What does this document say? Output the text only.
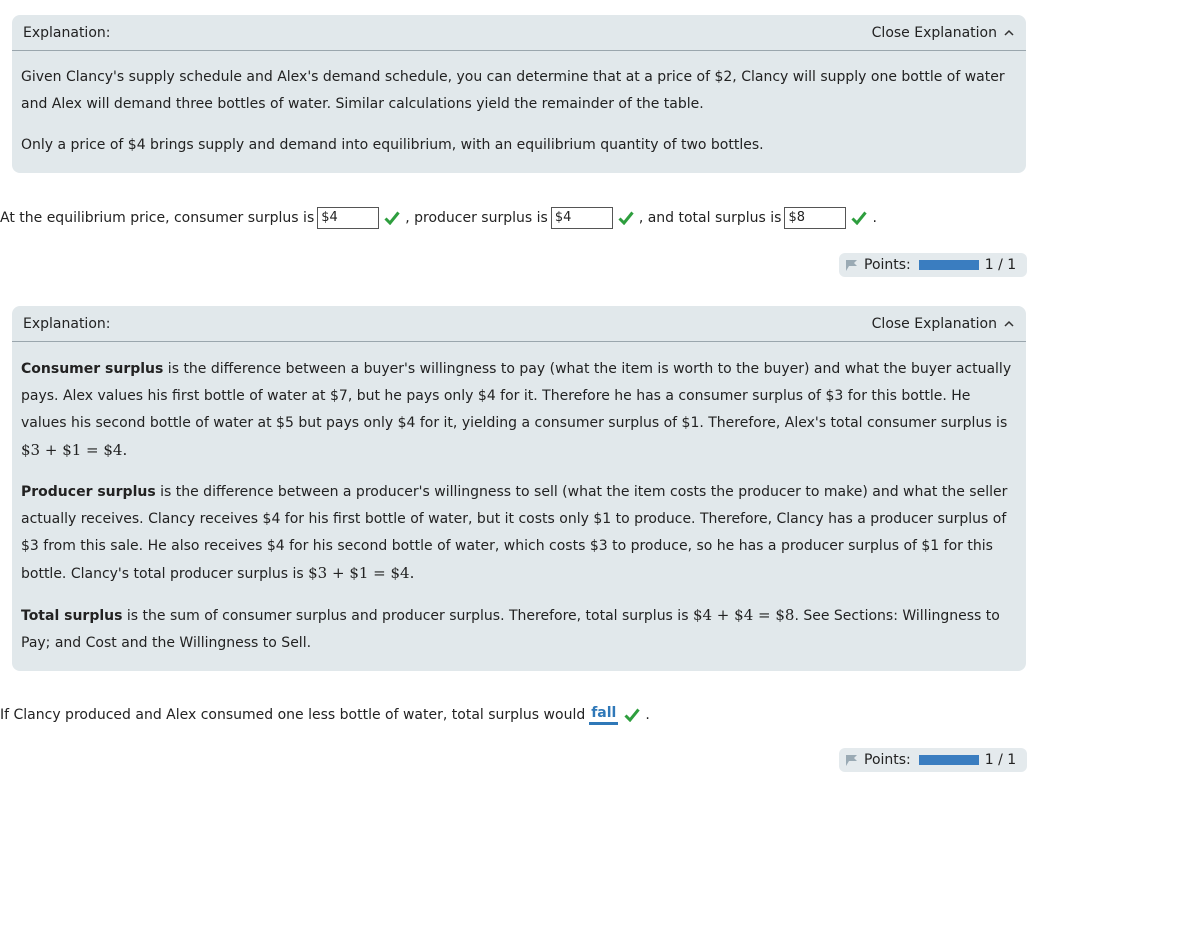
Explanation:	Close Explanation

Given Clancy's supply schedule and Alex's demand schedule, you can determine that at a price of $2, Clancy will supply one bottle of water and Alex will demand three bottles of water. Similar calculations yield the remainder of the table.

Only a price of $4 brings supply and demand into equilibrium, with an equilibrium quantity of two bottles.

At the equilibrium price, consumer surplus is $4	, producer surplus is $4	, and total surplus is $8	.
Points:	1 / 1
Explanation:	Close Explanation

Consumer surplus is the difference between a buyer's willingness to pay (what the item is worth to the buyer) and what the buyer actually pays. Alex values his first bottle of water at $7, but he pays only $4 for it. Therefore he has a consumer surplus of $3 for this bottle. He values his second bottle of water at $5 but pays only $4 for it, yielding a consumer surplus of $1. Therefore, Alex's total consumer surplus is
$3 + $1 = $4.

Producer surplus is the difference between a producer's willingness to sell (what the item costs the producer to make) and what the seller actually receives. Clancy receives $4 for his first bottle of water, but it costs only $1 to produce. Therefore, Clancy has a producer surplus of $3 from this sale. He also receives $4 for his second bottle of water, which costs $3 to produce, so he has a producer surplus of $1 for this bottle. Clancy's total producer surplus is $3 + $1 = $4.

Total surplus is the sum of consumer surplus and producer surplus. Therefore, total surplus is $4 + $4 = $8. See Sections: Willingness to Pay; and Cost and the Willingness to Sell.

If Clancy produced and Alex consumed one less bottle of water, total surplus would fall .
Points:	1 / 1
